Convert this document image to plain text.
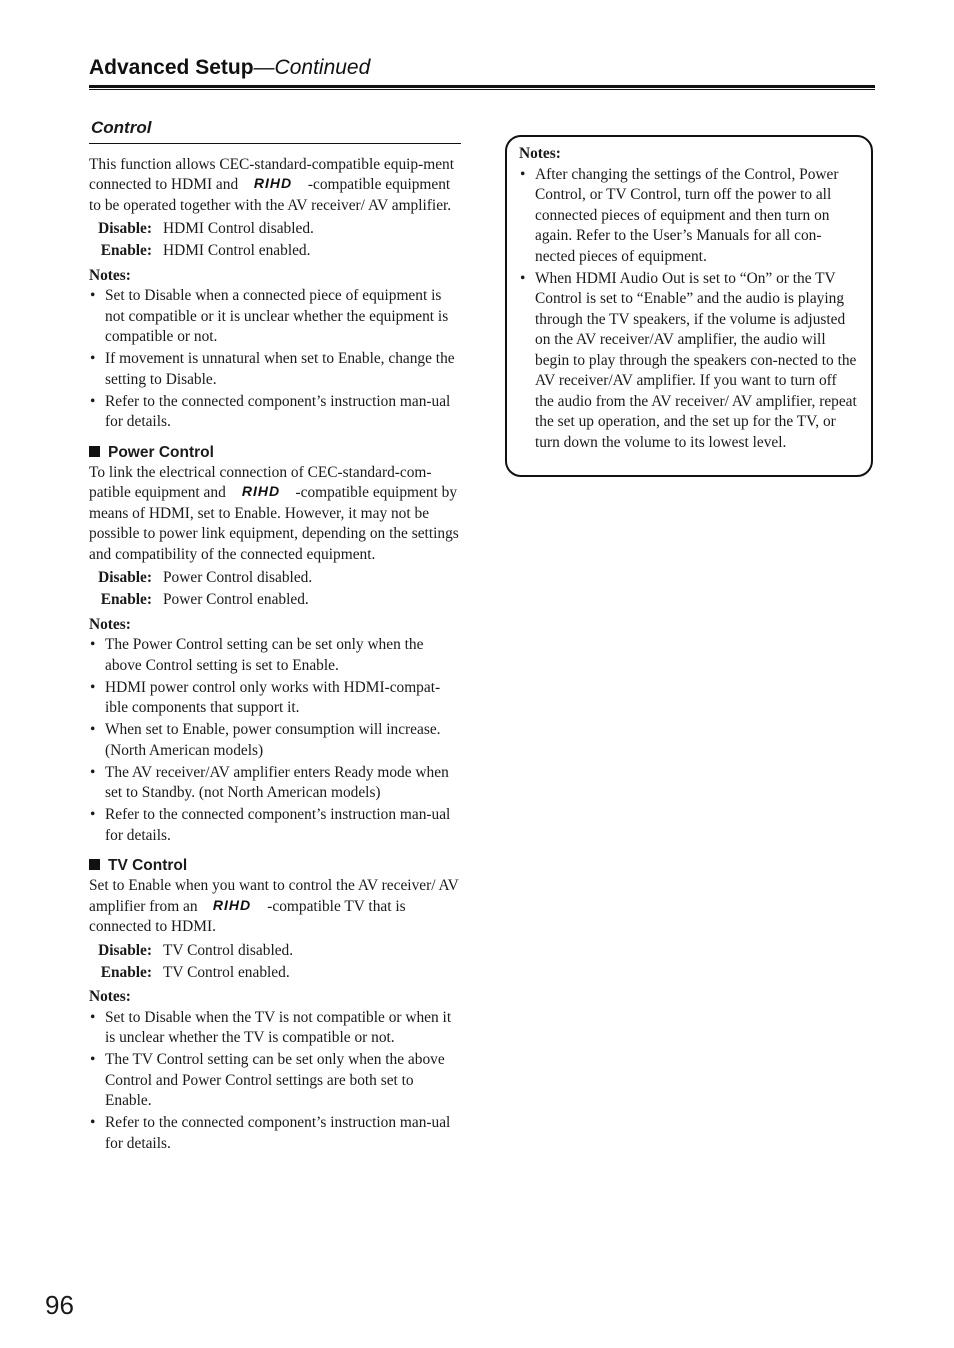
Advanced Setup—Continued
Control

This function allows CEC-standard-compatible equip-ment connected to HDMI and RIHD -compatible equipment to be operated together with the AV receiver/ AV amplifier.

Disable: HDMI Control disabled.
Enable: HDMI Control enabled.
Notes:
• Set to Disable when a connected piece of equipment is not compatible or it is unclear whether the equipment is compatible or not.
• If movement is unnatural when set to Enable, change the setting to Disable.
• Refer to the connected component’s instruction man-ual for details.
Power Control

To link the electrical connection of CEC-standard-com-patible equipment and RIHD -compatible equipment by means of HDMI, set to Enable. However, it may not be possible to power link equipment, depending on the settings and compatibility of the connected equipment.

Disable: Power Control disabled.
Enable: Power Control enabled.
Notes:
• The Power Control setting can be set only when the above Control setting is set to Enable.
• HDMI power control only works with HDMI-compat-ible components that support it.
• When set to Enable, power consumption will increase. (North American models)
• The AV receiver/AV amplifier enters Ready mode when set to Standby. (not North American models)
• Refer to the connected component’s instruction man-ual for details.
TV Control

Set to Enable when you want to control the AV receiver/ AV amplifier from an RIHD -compatible TV that is connected to HDMI.

Disable: TV Control disabled.
Enable: TV Control enabled.
Notes:
• Set to Disable when the TV is not compatible or when it is unclear whether the TV is compatible or not.
• The TV Control setting can be set only when the above Control and Power Control settings are both set to Enable.
• Refer to the connected component’s instruction man-ual for details.
Notes:
• After changing the settings of the Control, Power Control, or TV Control, turn off the power to all connected pieces of equipment and then turn on again. Refer to the User’s Manuals for all con-nected pieces of equipment.
• When HDMI Audio Out is set to “On” or the TV Control is set to “Enable” and the audio is playing through the TV speakers, if the volume is adjusted on the AV receiver/AV amplifier, the audio will begin to play through the speakers con-nected to the AV receiver/AV amplifier. If you want to turn off the audio from the AV receiver/ AV amplifier, repeat the set up operation, and the set up for the TV, or turn down the volume to its lowest level.
96
